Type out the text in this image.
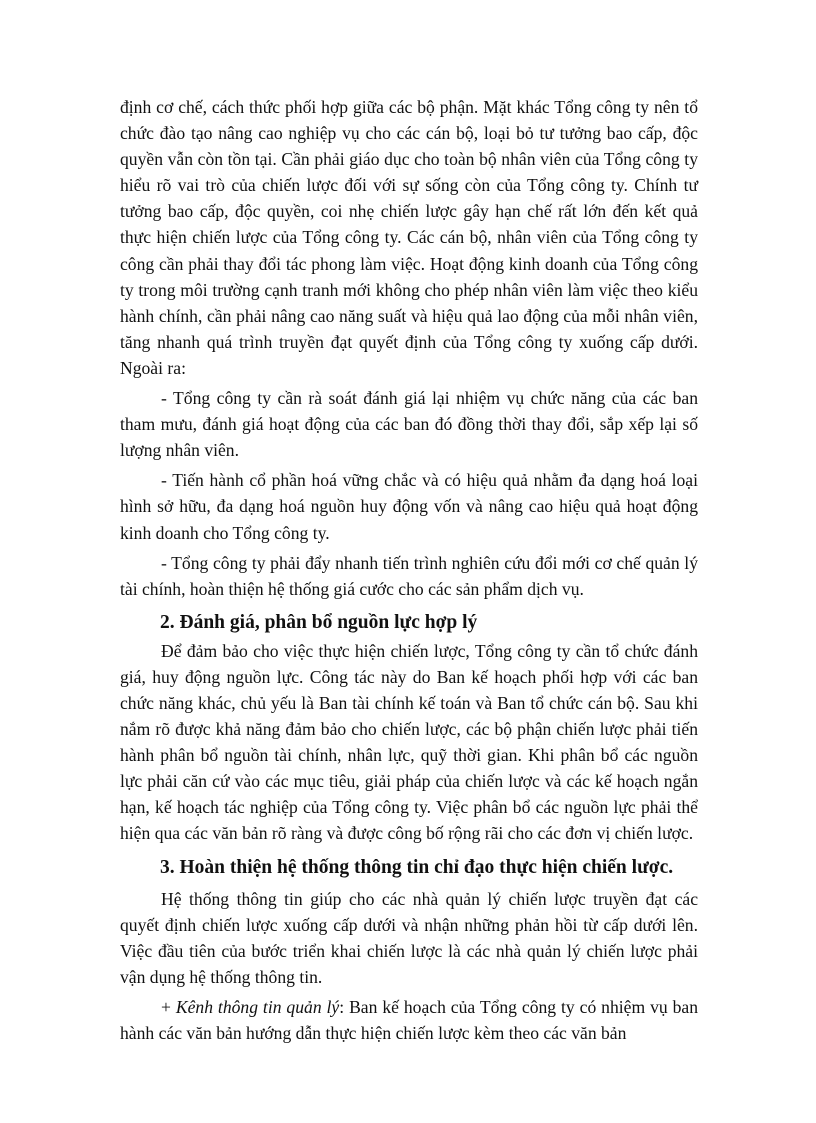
định cơ chế, cách thức phối hợp giữa các bộ phận. Mặt khác Tổng công ty nên tổ chức đào tạo nâng cao nghiệp vụ cho các cán bộ, loại bỏ tư tưởng bao cấp, độc quyền vẫn còn tồn tại. Cần phải giáo dục cho toàn bộ nhân viên của Tổng công ty hiểu rõ vai trò của chiến lược đối với sự sống còn của Tổng công ty. Chính tư tưởng bao cấp, độc quyền, coi nhẹ chiến lược gây hạn chế rất lớn đến kết quả thực hiện chiến lược của Tổng công ty. Các cán bộ, nhân viên của Tổng công ty công cần phải thay đổi tác phong làm việc. Hoạt động kinh doanh của Tổng công ty trong môi trường cạnh tranh mới không cho phép nhân viên làm việc theo kiểu hành chính, cần phải nâng cao năng suất và hiệu quả lao động của mỗi nhân viên, tăng nhanh quá trình truyền đạt quyết định của Tổng công ty xuống cấp dưới. Ngoài ra:

- Tổng công ty cần rà soát đánh giá lại nhiệm vụ chức năng của các ban tham mưu, đánh giá hoạt động của các ban đó đồng thời thay đổi, sắp xếp lại số lượng nhân viên.

- Tiến hành cổ phần hoá vững chắc và có hiệu quả nhằm đa dạng hoá loại hình sở hữu, đa dạng hoá nguồn huy động vốn và nâng cao hiệu quả hoạt động kinh doanh cho Tổng công ty.

- Tổng công ty phải đẩy nhanh tiến trình nghiên cứu đổi mới cơ chế quản lý tài chính, hoàn thiện hệ thống giá cước cho các sản phẩm dịch vụ.

2. Đánh giá, phân bổ nguồn lực hợp lý

Để đảm bảo cho việc thực hiện chiến lược, Tổng công ty cần tổ chức đánh giá, huy động nguồn lực. Công tác này do Ban kế hoạch phối hợp với các ban chức năng khác, chủ yếu là Ban tài chính kế toán và Ban tổ chức cán bộ. Sau khi nắm rõ được khả năng đảm bảo cho chiến lược, các bộ phận chiến lược phải tiến hành phân bổ nguồn tài chính, nhân lực, quỹ thời gian. Khi phân bổ các nguồn lực phải căn cứ vào các mục tiêu, giải pháp của chiến lược và các kế hoạch ngắn hạn, kế hoạch tác nghiệp của Tổng công ty. Việc phân bổ các nguồn lực phải thể hiện qua các văn bản rõ ràng và được công bố rộng rãi cho các đơn vị chiến lược.

3. Hoàn thiện hệ thống thông tin chỉ đạo thực hiện chiến lược.

Hệ thống thông tin giúp cho các nhà quản lý chiến lược truyền đạt các quyết định chiến lược xuống cấp dưới và nhận những phản hồi từ cấp dưới lên. Việc đầu tiên của bước triển khai chiến lược là các nhà quản lý chiến lược phải vận dụng hệ thống thông tin.

+ Kênh thông tin quản lý: Ban kế hoạch của Tổng công ty có nhiệm vụ ban hành các văn bản hướng dẫn thực hiện chiến lược kèm theo các văn bản
